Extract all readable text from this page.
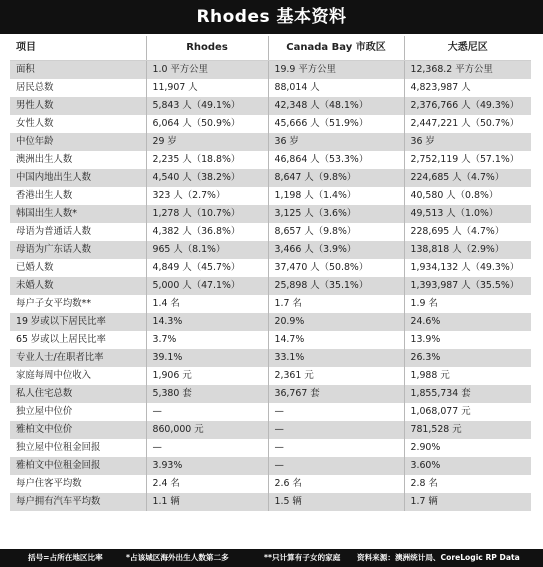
Rhodes 基本资料
项目	Rhodes	Canada Bay 市政区	大悉尼区
面积	1.0 平方公里	19.9 平方公里	12,368.2 平方公里
居民总数	11,907 人	88,014 人	4,823,987 人
男性人数	5,843 人（49.1%）	42,348 人（48.1%）	2,376,766 人（49.3%）
女性人数	6,064 人（50.9%）	45,666 人（51.9%）	2,447,221 人（50.7%）
中位年龄	29 岁	36 岁	36 岁
澳洲出生人数	2,235 人（18.8%）	46,864 人（53.3%）	2,752,119 人（57.1%）
中国内地出生人数	4,540 人（38.2%）	8,647 人（9.8%）	224,685 人（4.7%）
香港出生人数	323 人（2.7%）	1,198 人（1.4%）	40,580 人（0.8%）
韩国出生人数*	1,278 人（10.7%）	3,125 人（3.6%）	49,513 人（1.0%）
母语为普通话人数	4,382 人（36.8%）	8,657 人（9.8%）	228,695 人（4.7%）
母语为广东话人数	965 人（8.1%）	3,466 人（3.9%）	138,818 人（2.9%）
已婚人数	4,849 人（45.7%）	37,470 人（50.8%）	1,934,132 人（49.3%）
未婚人数	5,000 人（47.1%）	25,898 人（35.1%）	1,393,987 人（35.5%）
每户子女平均数**	1.4 名	1.7 名	1.9 名
19 岁或以下居民比率	14.3%	20.9%	24.6%
65 岁或以上居民比率	3.7%	14.7%	13.9%
专业人士/在职者比率	39.1%	33.1%	26.3%
家庭每周中位收入	1,906 元	2,361 元	1,988 元
私人住宅总数	5,380 套	36,767 套	1,855,734 套
独立屋中位价	—	—	1,068,077 元
雅柏文中位价	860,000 元	—	781,528 元
独立屋中位租金回报	—	—	2.90%
雅柏文中位租金回报	3.93%	—	3.60%
每户住客平均数	2.4 名	2.6 名	2.8 名
每户拥有汽车平均数	1.1 辆	1.5 辆	1.7 辆
括号=占所在地区比率	*占该城区海外出生人数第二多	**只计算有子女的家庭 资料来源：澳洲统计局、CoreLogic RP Data
